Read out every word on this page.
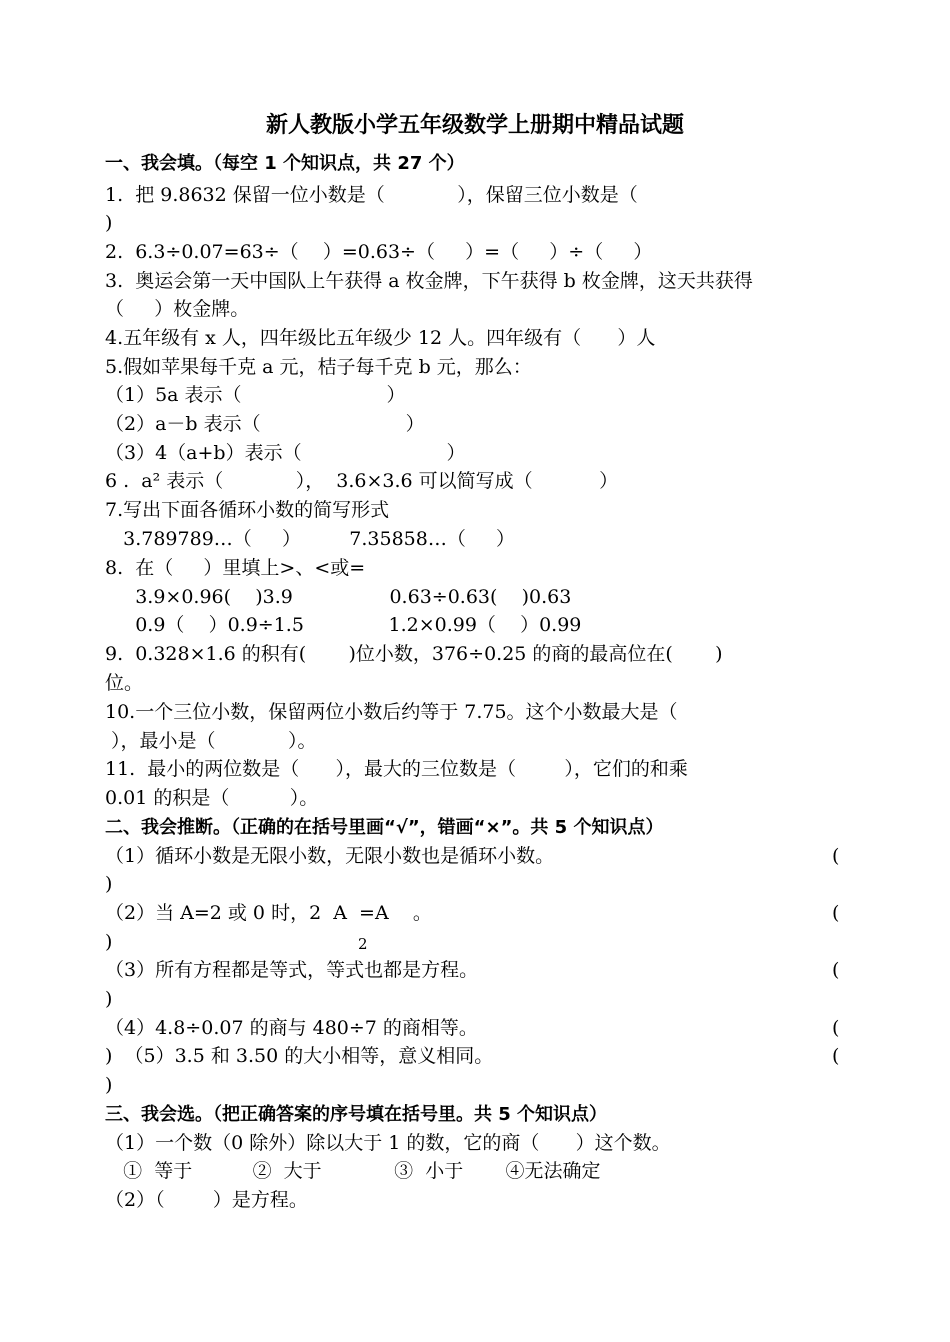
新人教版小学五年级数学上册期中精品试题
一、我会填。（每空 1 个知识点，共 27 个）
1.  把 9.8632 保留一位小数是（            ），保留三位小数是（
)
2.  6.3÷0.07=63÷（    ）=0.63÷（     ）=（     ）÷（     ）
3.  奥运会第一天中国队上午获得 a 枚金牌，下午获得 b 枚金牌，这天共获得
（     ）枚金牌。
4.五年级有 x 人，四年级比五年级少 12 人。四年级有（      ）人
5.假如苹果每千克 a 元，桔子每千克 b 元，那么：
（1）5a 表示（                        ）
（2）a－b 表示（                        ）
（3）4（a+b）表示（                        ）
6 .  a² 表示（            ），  3.6×3.6 可以简写成（           ）
7.写出下面各循环小数的简写形式
3.789789…（     ）        7.35858…（     ）
8.  在（     ）里填上>、<或=
3.9×0.96(    )3.9                0.63÷0.63(    )0.63
0.9（    ）0.9÷1.5              1.2×0.99（    ）0.99
9.  0.328×1.6 的积有(       )位小数，376÷0.25 的商的最高位在(       )
位。
10.一个三位小数，保留两位小数后约等于 7.75。这个小数最大是（
），最小是（            ）。
11.  最小的两位数是（      ），最大的三位数是（        ），它们的和乘
0.01 的积是（          ）。
二、我会推断。（正确的在括号里画“√”，错画“×”。共 5 个知识点）
（1）循环小数是无限小数，无限小数也是循环小数。	(
)
（2）当 A=2 或 0 时，2  A  =A    。	(
)	2
（3）所有方程都是等式，等式也都是方程。	(
)
（4）4.8÷0.07 的商与 480÷7 的商相等。	(
)  （5）3.5 和 3.50 的大小相等，意义相同。	(
)
三、我会选。（把正确答案的序号填在括号里。共 5 个知识点）
（1）一个数（0 除外）除以大于 1 的数，它的商（      ）这个数。
①  等于          ②  大于            ③  小于       ④无法确定
（2）（        ）是方程。
